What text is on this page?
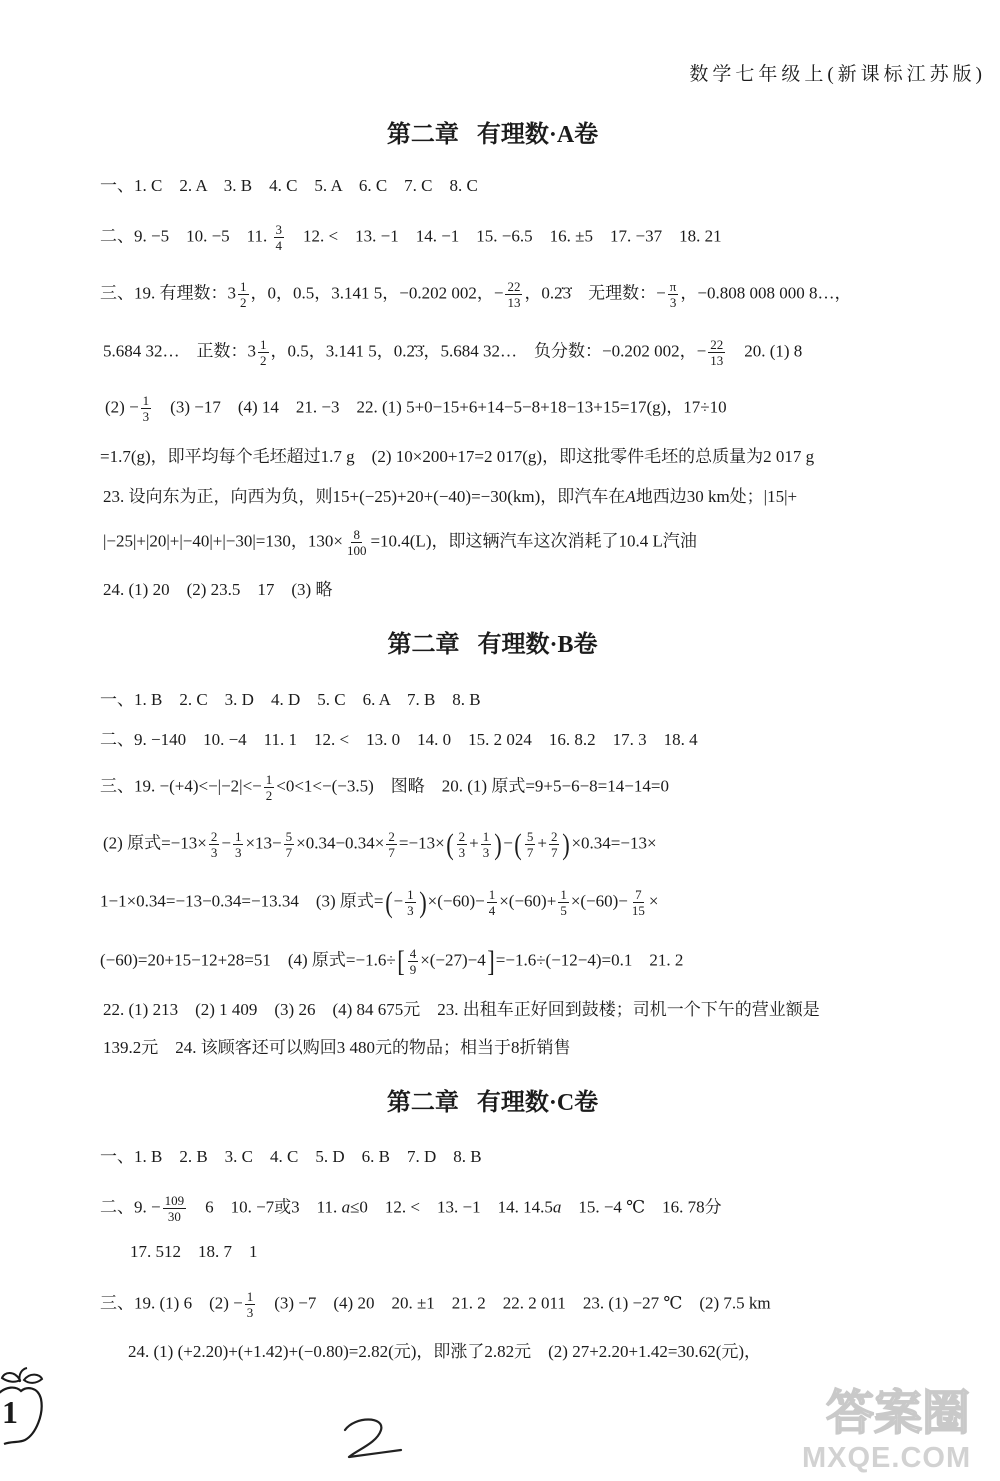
数学七年级上(新课标江苏版)
第二章   有理数·A卷
一、1. C    2. A    3. B    4. C    5. A    6. C    7. C    8. C
二、9. −5    10. −5    11. $\frac{3}{4} 12$. <    13. −1    14. −1    15. −6.5    16. ±5    17. −37    18. 21
三、19. 有理数：$3 \frac{1}{2}$ ，0，0.5，3.141 5，−0.202 002，− $\frac{22}{13}$ ，0.2̇3̇    无理数：− $\frac{\pi}{3}$ ，−0.808 008 000 8…，
5.684 32…    正数：$3 \frac{1}{2}$ ，0.5，3.141 5，0.2̇3̇，5.684 32…    负分数：−0.202 002，− $\frac{22}{13} 20$. (1) 8
$(2) - \frac{1}{3} (3) -17$    (4) 14    21. −3    22. (1) 5+0−15+6+14−5−8+18−13+15=17(g)，17÷10
=1.7(g)，即平均每个毛坯超过1.7 g    (2) 10×200+17=2 017(g)，即这批零件毛坯的总质量为2 017 g
23. 设向东为正，向西为负，则15+(−25)+20+(−40)=−30(km)，即汽车在A地西边30 km处；|15|+
|−25|+|20|+|−40|+|−30|=130，$130\times \frac{8}{100} =10.4(L)$，即这辆汽车这次消耗了10.4 L汽油
24. (1) 20    (2) 23.5    17    (3) 略
第二章   有理数·B卷
一、1. B    2. C    3. D    4. D    5. C    6. A    7. B    8. B
二、9. −140    10. −4    11. 1    12. <    13. 0    14. 0    15. 2 024    16. 8.2    17. 3    18. 4
三、19. $-(+4)<-|-2|<- \frac{1}{2} <0<1<-(-3.5)$    图略    20. (1) 原式=9+5−6−8=14−14=0
(2) 原式$=-13\times \frac{2}{3} - \frac{1}{3} \times 13- \frac{5}{7} \times 0.34-0.34\times \frac{2}{7} =-13\times( \frac{2}{3} + \frac{1}{3}$ )−( $\frac{5}{7} + \frac{2}{7} )\times 0.34=-13\times$
1−1×0.34=−13−0.34=−13.34    (3) 原式=(− $\frac{1}{3} )\times(-60)- \frac{1}{4} \times(-60)+ \frac{1}{5} \times(-60)- \frac{7}{15}$ ×
(−60)=20+15−12+28=51    (4) 原式$=-1.6\div[ \frac{4}{9} \times(-27)-4]=-1.6\div(-12-4)=0.1$    21. 2
22. (1) 213    (2) 1 409    (3) 26    (4) 84 675元    23. 出租车正好回到鼓楼；司机一个下午的营业额是
139.2元    24. 该顾客还可以购回3 480元的物品；相当于8折销售
第二章   有理数·C卷
一、1. B    2. B    3. C    4. C    5. D    6. B    7. D    8. B
二、9. − $\frac{109}{30} 6$    10. −7或3    11. a≤0    12. <    13. −1    14. 14.5a    15. −4 ℃    16. 78分
17. 512    18. 7    1
三、19. (1) 6    $(2) - \frac{1}{3} (3) -7$    (4) 20    20. ±1    21. 2    22. 2 011    23. (1) −27 ℃    (2) 7.5 km
24. (1) (+2.20)+(+1.42)+(−0.80)=2.82(元)，即涨了2.82元    (2) 27+2.20+1.42=30.62(元)，
1	答案圈
MXQE.COM
